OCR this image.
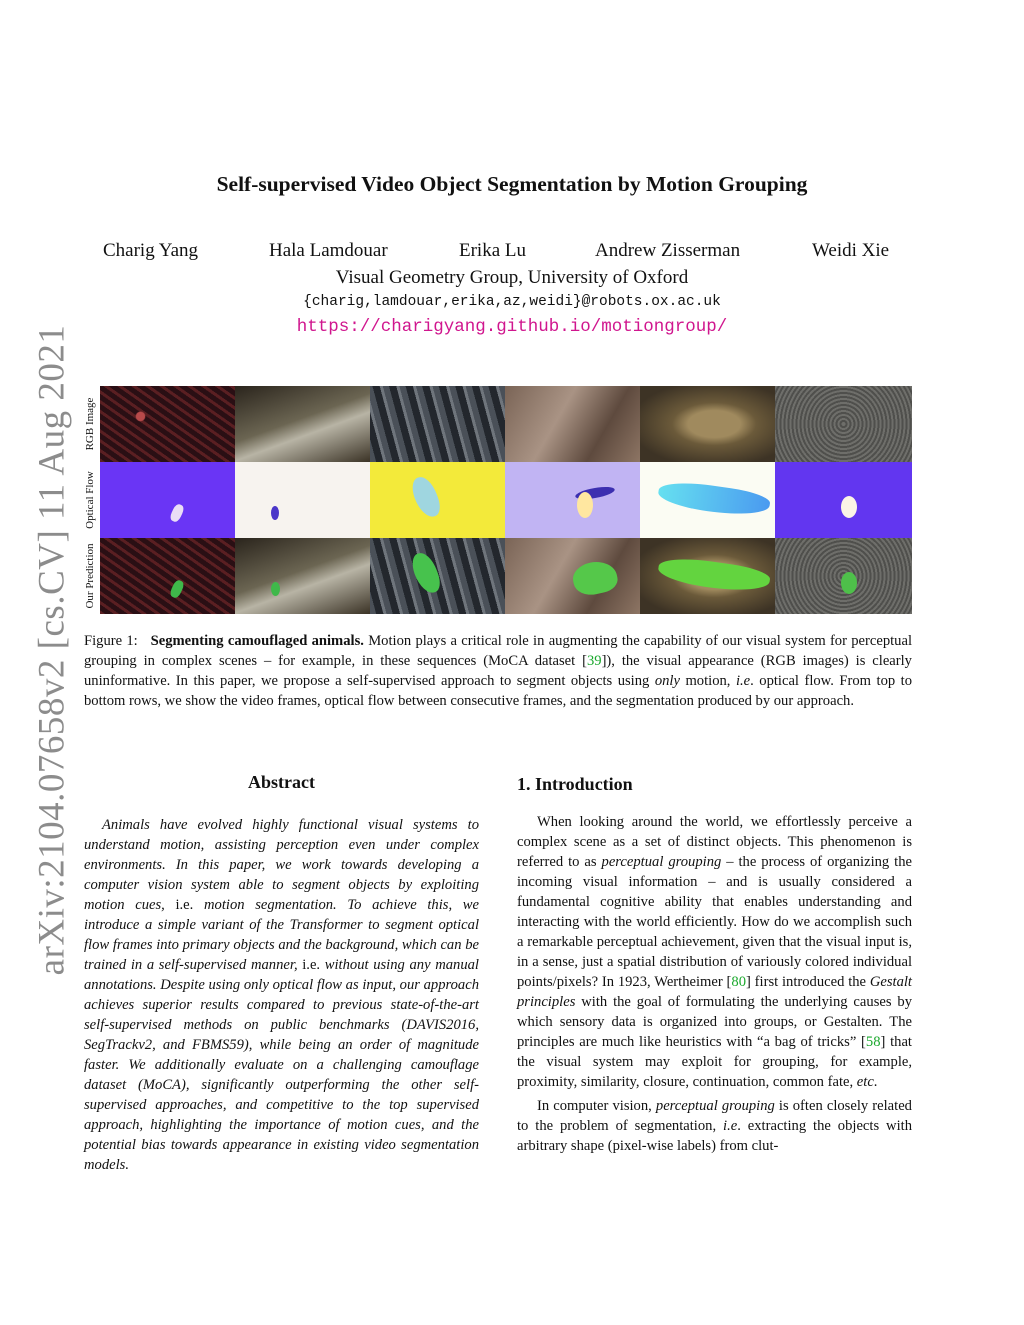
arXiv:2104.07658v2 [cs.CV] 11 Aug 2021
Self-supervised Video Object Segmentation by Motion Grouping
Charig Yang	Hala Lamdouar	Erika Lu	Andrew Zisserman	Weidi Xie
Visual Geometry Group, University of Oxford
{charig,lamdouar,erika,az,weidi}@robots.ox.ac.uk
https://charigyang.github.io/motiongroup/
RGB Image
Optical Flow
Our Prediction
Figure 1: Segmenting camouflaged animals. Motion plays a critical role in augmenting the capability of our visual system for perceptual grouping in complex scenes – for example, in these sequences (MoCA dataset [39]), the visual appearance (RGB images) is clearly uninformative. In this paper, we propose a self-supervised approach to segment objects using only motion, i.e. optical flow. From top to bottom rows, we show the video frames, optical flow between consecutive frames, and the segmentation produced by our approach.
Abstract
Animals have evolved highly functional visual systems to understand motion, assisting perception even under complex environments. In this paper, we work towards developing a computer vision system able to segment objects by exploiting motion cues, i.e. motion segmentation. To achieve this, we introduce a simple variant of the Transformer to segment optical flow frames into primary objects and the background, which can be trained in a self-supervised manner, i.e. without using any manual annotations. Despite using only optical flow as input, our approach achieves superior results compared to previous state-of-the-art self-supervised methods on public benchmarks (DAVIS2016, SegTrackv2, and FBMS59), while being an order of magnitude faster. We additionally evaluate on a challenging camouflage dataset (MoCA), significantly outperforming the other self-supervised approaches, and competitive to the top supervised approach, highlighting the importance of motion cues, and the potential bias towards appearance in existing video segmentation models.
1. Introduction

When looking around the world, we effortlessly perceive a complex scene as a set of distinct objects. This phenomenon is referred to as perceptual grouping – the process of organizing the incoming visual information – and is usually considered a fundamental cognitive ability that enables understanding and interacting with the world efficiently. How do we accomplish such a remarkable perceptual achievement, given that the visual input is, in a sense, just a spatial distribution of variously colored individual points/pixels? In 1923, Wertheimer [80] first introduced the Gestalt principles with the goal of formulating the underlying causes by which sensory data is organized into groups, or Gestalten. The principles are much like heuristics with “a bag of tricks” [58] that the visual system may exploit for grouping, for example, proximity, similarity, closure, continuation, common fate, etc.

In computer vision, perceptual grouping is often closely related to the problem of segmentation, i.e. extracting the objects with arbitrary shape (pixel-wise labels) from clut-
